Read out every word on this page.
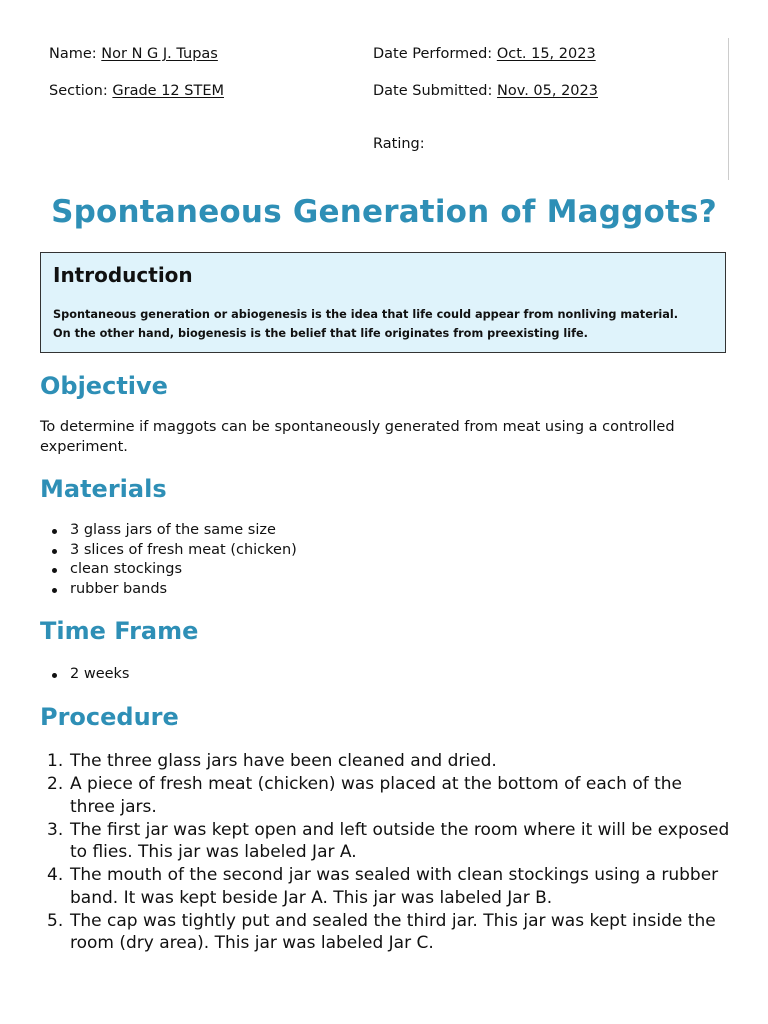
Name: Nor N G J. Tupas
Section: Grade 12 STEM
Date Performed: Oct. 15, 2023
Date Submitted: Nov. 05, 2023
Rating:
Spontaneous Generation of Maggots?
Introduction

Spontaneous generation or abiogenesis is the idea that life could appear from nonliving material.
On the other hand, biogenesis is the belief that life originates from preexisting life.

Objective

To determine if maggots can be spontaneously generated from meat using a controlled experiment.

Materials
3 glass jars of the same size
3 slices of fresh meat (chicken)
clean stockings
rubber bands
Time Frame
2 weeks
Procedure
1. The three glass jars have been cleaned and dried.
2. A piece of fresh meat (chicken) was placed at the bottom of each of the three jars.
3. The first jar was kept open and left outside the room where it will be exposed to flies. This jar was labeled Jar A.
4. The mouth of the second jar was sealed with clean stockings using a rubber band. It was kept beside Jar A. This jar was labeled Jar B.
5. The cap was tightly put and sealed the third jar. This jar was kept inside the room (dry area). This jar was labeled Jar C.
